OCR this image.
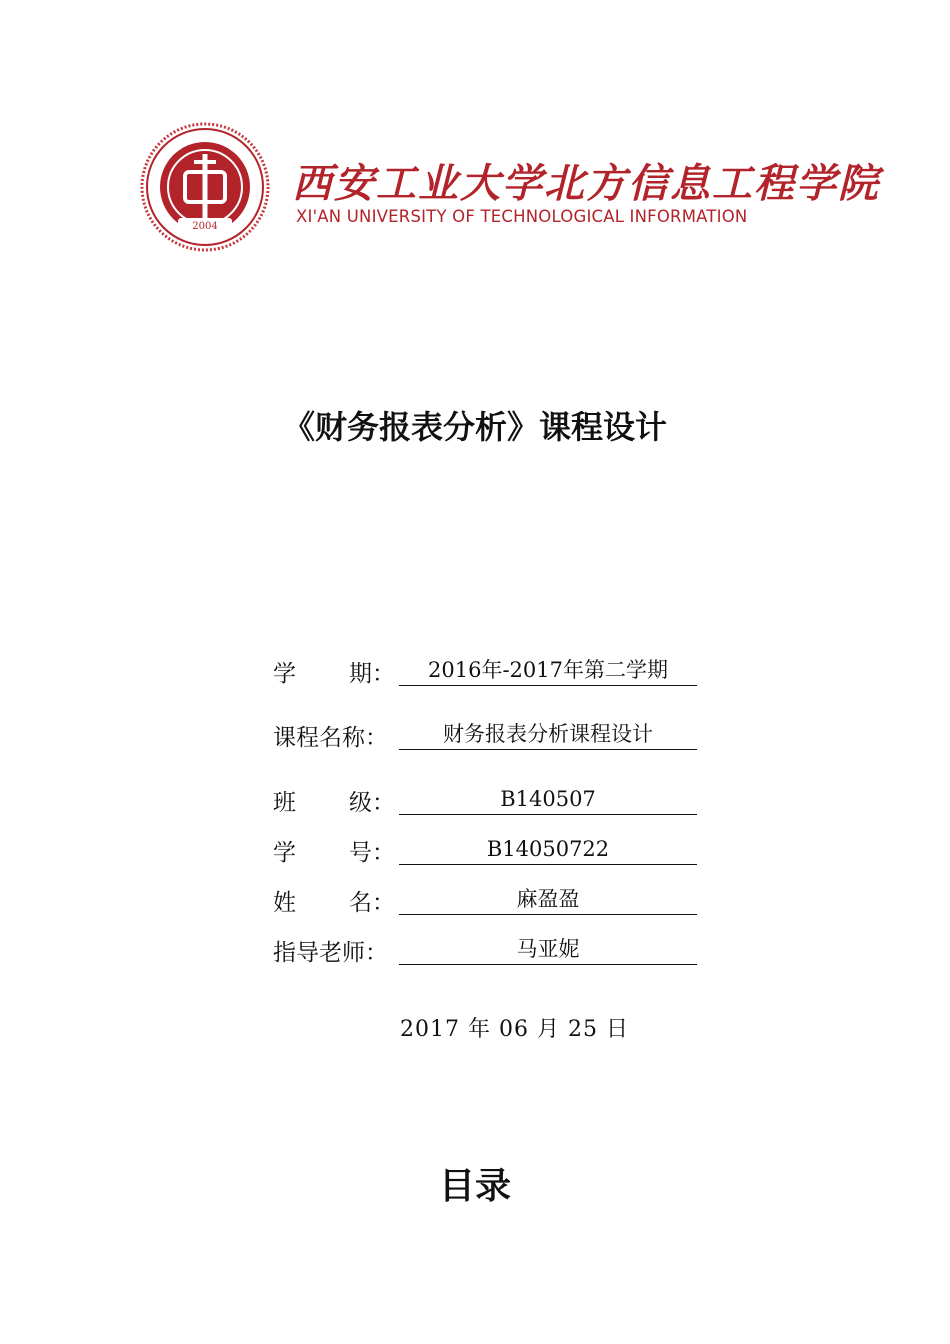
2004
西安工业大学北方信息工程学院
XI'AN UNIVERSITY OF TECHNOLOGICAL INFORMATION
《财务报表分析》课程设计
学 期：	2016年-2017年第二学期
课程名称：	财务报表分析课程设计
班 级：	B140507
学 号：	B14050722
姓 名：	麻盈盈
指导老师：	马亚妮
2017 年 06 月 25 日
目录
